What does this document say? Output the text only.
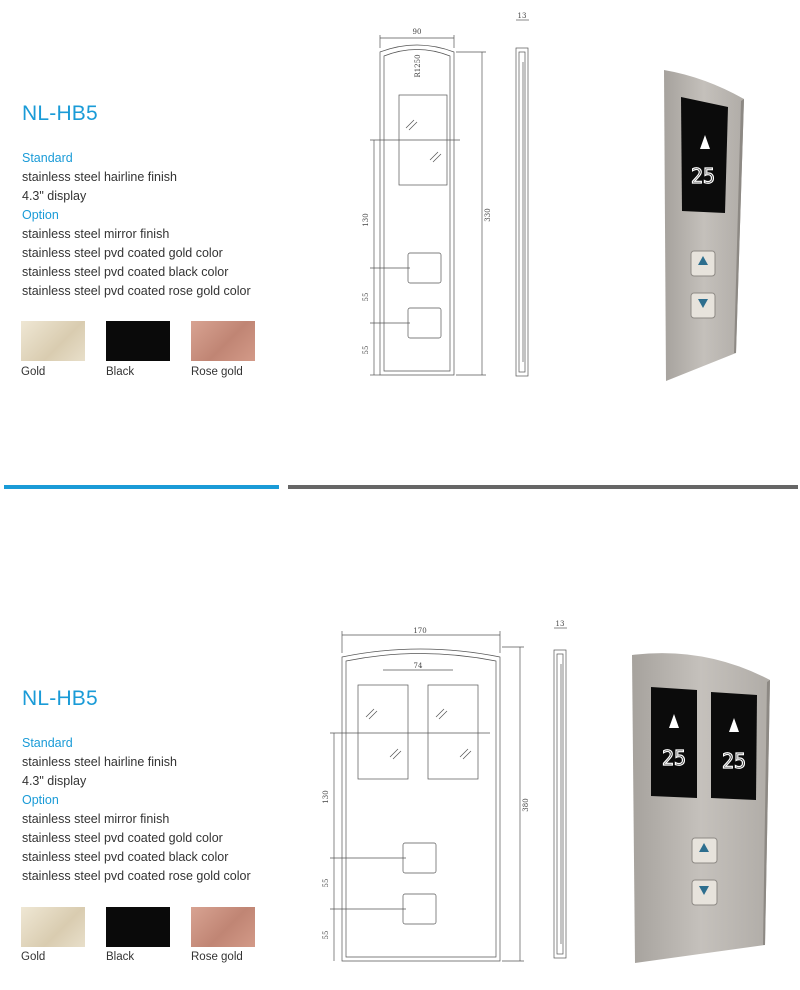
NL-HB5
Standard
stainless steel hairline finish
4.3" display
Option
stainless steel mirror finish
stainless steel pvd coated gold color
stainless steel pvd coated black color
stainless steel pvd coated rose gold color
Gold	Black	Rose gold
90
130
55
55
330
R1250
13
25
NL-HB5
Standard
stainless steel hairline finish
4.3" display
Option
stainless steel mirror finish
stainless steel pvd coated gold color
stainless steel pvd coated black color
stainless steel pvd coated rose gold color
Gold	Black	Rose gold
170
74
130
55
55
380
13
25 25
